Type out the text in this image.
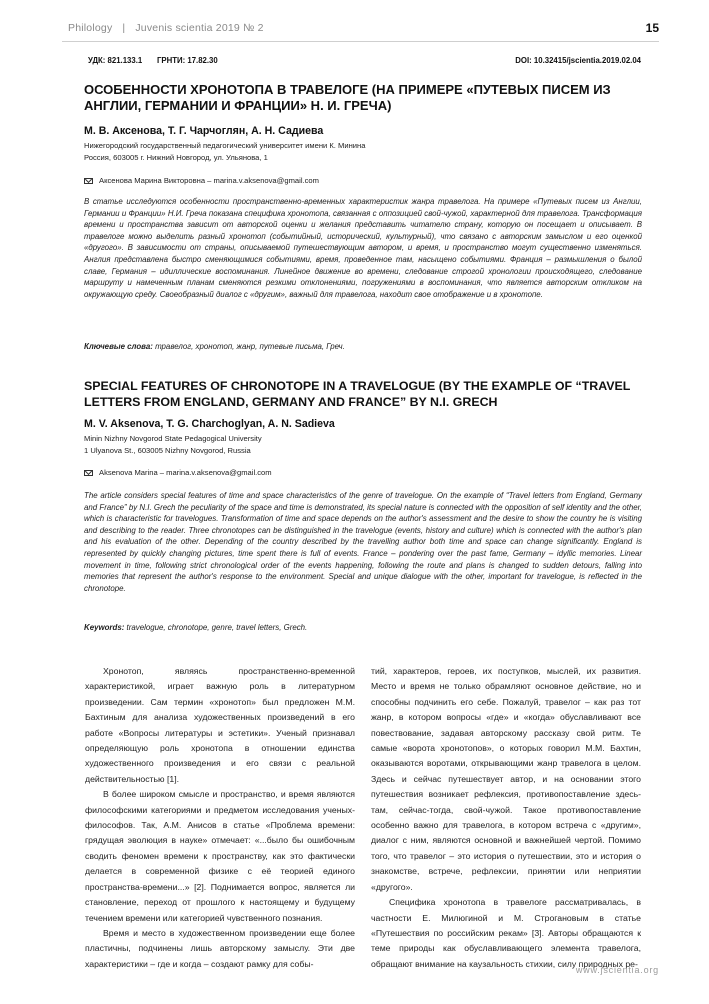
Philology | Juvenis scientia 2019 № 2	15
УДК: 821.133.1 ГРНТИ: 17.82.30	DOI: 10.32415/jscientia.2019.02.04
ОСОБЕННОСТИ ХРОНОТОПА В ТРАВЕЛОГЕ (НА ПРИМЕРЕ «ПУТЕВЫХ ПИСЕМ ИЗ АНГЛИИ, ГЕРМАНИИ И ФРАНЦИИ» Н. И. ГРЕЧА)
М. В. Аксенова, Т. Г. Чарчоглян, А. Н. Садиева
Нижегородский государственный педагогический университет имени К. Минина
Россия, 603005 г. Нижний Новгород, ул. Ульянова, 1
Аксенова Марина Викторовна – marina.v.aksenova@gmail.com

В статье исследуются особенности пространственно-временных характеристик жанра травелога. На примере «Путевых писем из Англии, Германии и Франции» Н.И. Греча показана специфика хронотопа, связанная с оппозицией свой-чужой, характерной для травелога. Трансформация времени и пространства зависит от авторской оценки и желания представить читателю страну, которую он посещает и описывает. В травелоге можно выделить разный хронотоп (событийный, исторический, культурный), что связано с авторским замыслом и его оценкой «другого». В зависимости от страны, описываемой путешествующим автором, и время, и пространство могут существенно изменяться. Англия представлена быстро сменяющимися событиями, время, проведенное там, насыщено событиями. Франция – размышления о былой славе, Германия – идиллические воспоминания. Линейное движение во времени, следование строгой хронологии происходящего, следование маршруту и намеченным планам сменяются резкими отклонениями, погружениями в воспоминания, что является авторским откликом на окружающую среду. Своеобразный диалог с «другим», важный для травелога, находит свое отображение и в хронотопе.

Ключевые слова: травелог, хронотоп, жанр, путевые письма, Греч.
SPECIAL FEATURES OF CHRONOTOPE IN A TRAVELOGUE (BY THE EXAMPLE OF “TRAVEL LETTERS FROM ENGLAND, GERMANY AND FRANCE” BY N.I. GRECH
M. V. Aksenova, T. G. Charchoglyan, A. N. Sadieva
Minin Nizhny Novgorod State Pedagogical University
1 Ulyanova St., 603005 Nizhny Novgorod, Russia
Aksenova Marina – marina.v.aksenova@gmail.com

The article considers special features of time and space characteristics of the genre of travelogue. On the example of “Travel letters from England, Germany and France” by N.I. Grech the peculiarity of the space and time is demonstrated, its special nature is connected with the opposition of self identity and the other, which is characteristic for travelogues. Transformation of time and space depends on the author's assessment and the desire to show the country he is visiting and describing to the reader. Three chronotopes can be distinguished in the travelogue (events, history and culture) which is connected with the author's plan and his evaluation of the other. Depending of the country described by the travelling author both time and space can change significantly. England is represented by quickly changing pictures, time spent there is full of events. France – pondering over the past fame, Germany – idyllic memories. Linear movement in time, following strict chronological order of the events happening, following the route and plans is changed to sudden detours, falling into memories that represent the author's response to the environment. Special and unique dialogue with the other, important for travelogue, is reflected in the chronotope.

Keywords: travelogue, chronotope, genre, travel letters, Grech.

Хронотоп, являясь пространственно-временной характеристикой, играет важную роль в литературном произведении. Сам термин «хронотоп» был предложен М.М. Бахтиным для анализа художественных произведений в его работе «Вопросы литературы и эстетики». Ученый признавал определяющую роль хронотопа в отношении единства художественного произведения и его связи с реальной действительностью [1].

В более широком смысле и пространство, и время являются философскими категориями и предметом исследования ученых-философов. Так, А.М. Анисов в статье «Проблема времени: грядущая эволюция в науке» отмечает: «...было бы ошибочным сводить феномен времени к пространству, как это фактически делается в современной физике с её теорией единого пространства-времени...» [2]. Поднимается вопрос, является ли становление, переход от прошлого к настоящему и будущему течением времени или категорией чувственного познания.

Время и место в художественном произведении еще более пластичны, подчинены лишь авторскому замыслу. Эти две характеристики – где и когда – создают рамку для собы-

тий, характеров, героев, их поступков, мыслей, их развития. Место и время не только обрамляют основное действие, но и способны подчинить его себе. Пожалуй, травелог – как раз тот жанр, в котором вопросы «где» и «когда» обуславливают все повествование, задавая авторскому рассказу свой ритм. Те самые «ворота хронотопов», о которых говорил М.М. Бахтин, оказываются воротами, открывающими жанр травелога в целом. Здесь и сейчас путешествует автор, и на основании этого путешествия возникает рефлексия, противопоставление здесь-там, сейчас-тогда, свой-чужой. Такое противопоставление особенно важно для травелога, в котором встреча с «другим», диалог с ним, являются основной и важнейшей чертой. Помимо того, что травелог – это история о путешествии, это и история о знакомстве, встрече, рефлексии, принятии или неприятии «другого».

Специфика хронотопа в травелоге рассматривалась, в частности Е. Милюгиной и М. Строгановым в статье «Путешествия по российским рекам» [3]. Авторы обращаются к теме природы как обуславливающего элемента травелога, обращают внимание на каузальность стихии, силу природных ре-

www.jscientia.org
